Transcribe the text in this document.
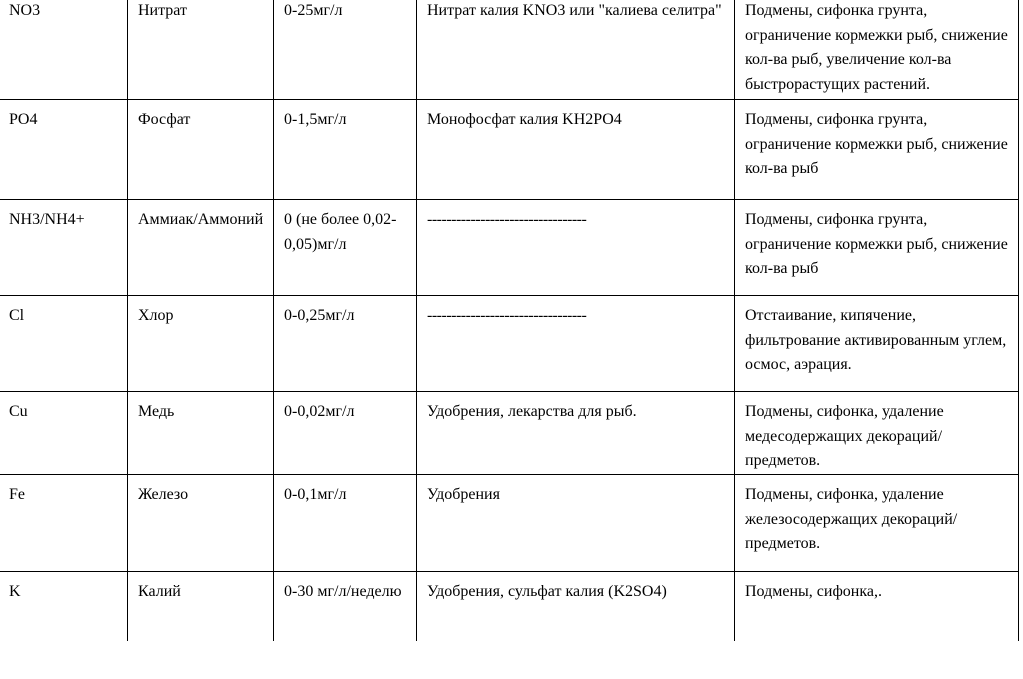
NO3	Нитрат	0-25мг/л	Нитрат калия KNO3 или "калиева селитра"	Подмены, сифонка грунта, ограничение кормежки рыб, снижение кол-ва рыб, увеличение кол-ва быстрорастущих растений.
PO4	Фосфат	0-1,5мг/л	Монофосфат калия KH2PO4	Подмены, сифонка грунта, ограничение кормежки рыб, снижение кол-ва рыб
NH3/NH4+	Аммиак/Аммоний	0 (не более 0,02-0,05)мг/л	---------------------------------	Подмены, сифонка грунта, ограничение кормежки рыб, снижение кол-ва рыб
Cl	Хлор	0-0,25мг/л	---------------------------------	Отстаивание, кипячение, фильтрование активированным углем, осмос, аэрация.
Cu	Медь	0-0,02мг/л	Удобрения, лекарства для рыб.	Подмены, сифонка, удаление медесодержащих декораций/предметов.
Fe	Железо	0-0,1мг/л	Удобрения	Подмены, сифонка, удаление железосодержащих декораций/предметов.
K	Калий	0-30 мг/л/неделю	Удобрения, сульфат калия (K2SO4)	Подмены, сифонка,.
